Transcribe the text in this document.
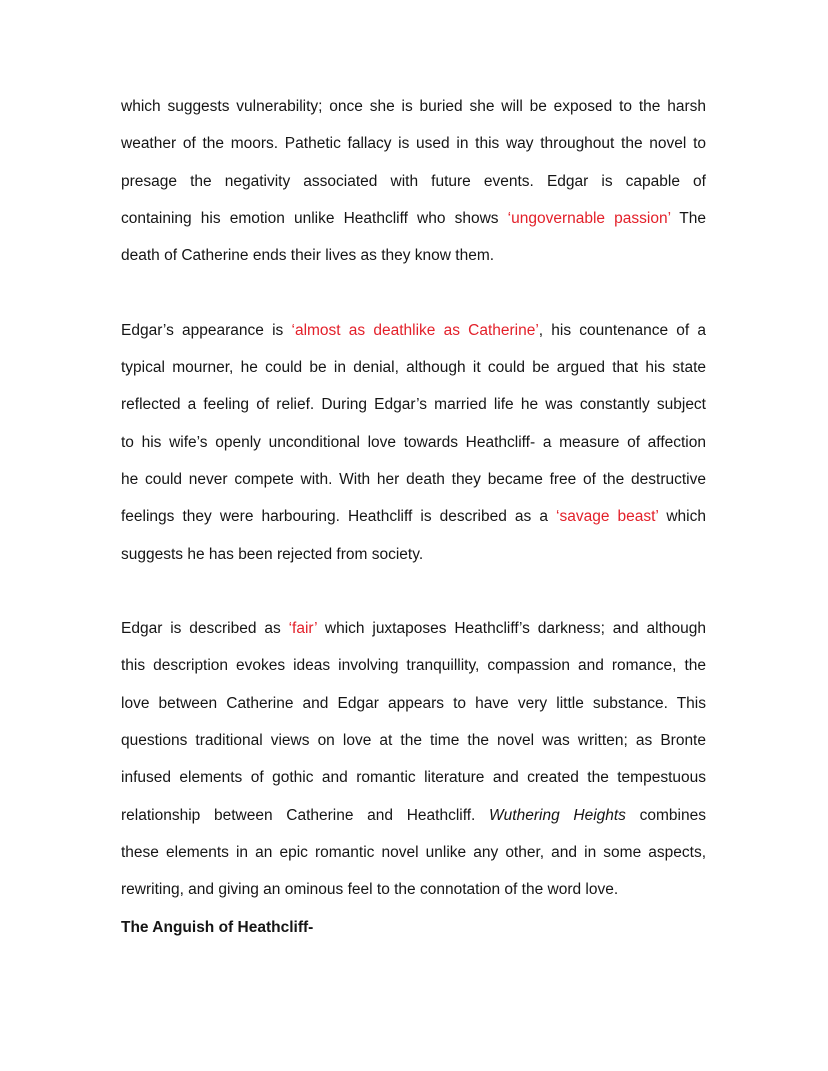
which suggests vulnerability; once she is buried she will be exposed to the harsh
weather of the moors. Pathetic fallacy is used in this way throughout the novel to
presage the negativity associated with future events. Edgar is capable of
containing his emotion unlike Heathcliff who shows ‘ungovernable passion’ The
death of Catherine ends their lives as they know them.
Edgar’s appearance is ‘almost as deathlike as Catherine’, his countenance of a
typical mourner, he could be in denial, although it could be argued that his state
reflected a feeling of relief. During Edgar’s married life he was constantly subject
to his wife’s openly unconditional love towards Heathcliff- a measure of affection
he could never compete with. With her death they became free of the destructive
feelings they were harbouring. Heathcliff is described as a ‘savage beast’ which
suggests he has been rejected from society.
Edgar is described as ‘fair’ which juxtaposes Heathcliff’s darkness; and although
this description evokes ideas involving tranquillity, compassion and romance, the
love between Catherine and Edgar appears to have very little substance. This
questions traditional views on love at the time the novel was written; as Bronte
infused elements of gothic and romantic literature and created the tempestuous
relationship between Catherine and Heathcliff. Wuthering Heights combines
these elements in an epic romantic novel unlike any other, and in some aspects,
rewriting, and giving an ominous feel to the connotation of the word love.
The Anguish of Heathcliff-
